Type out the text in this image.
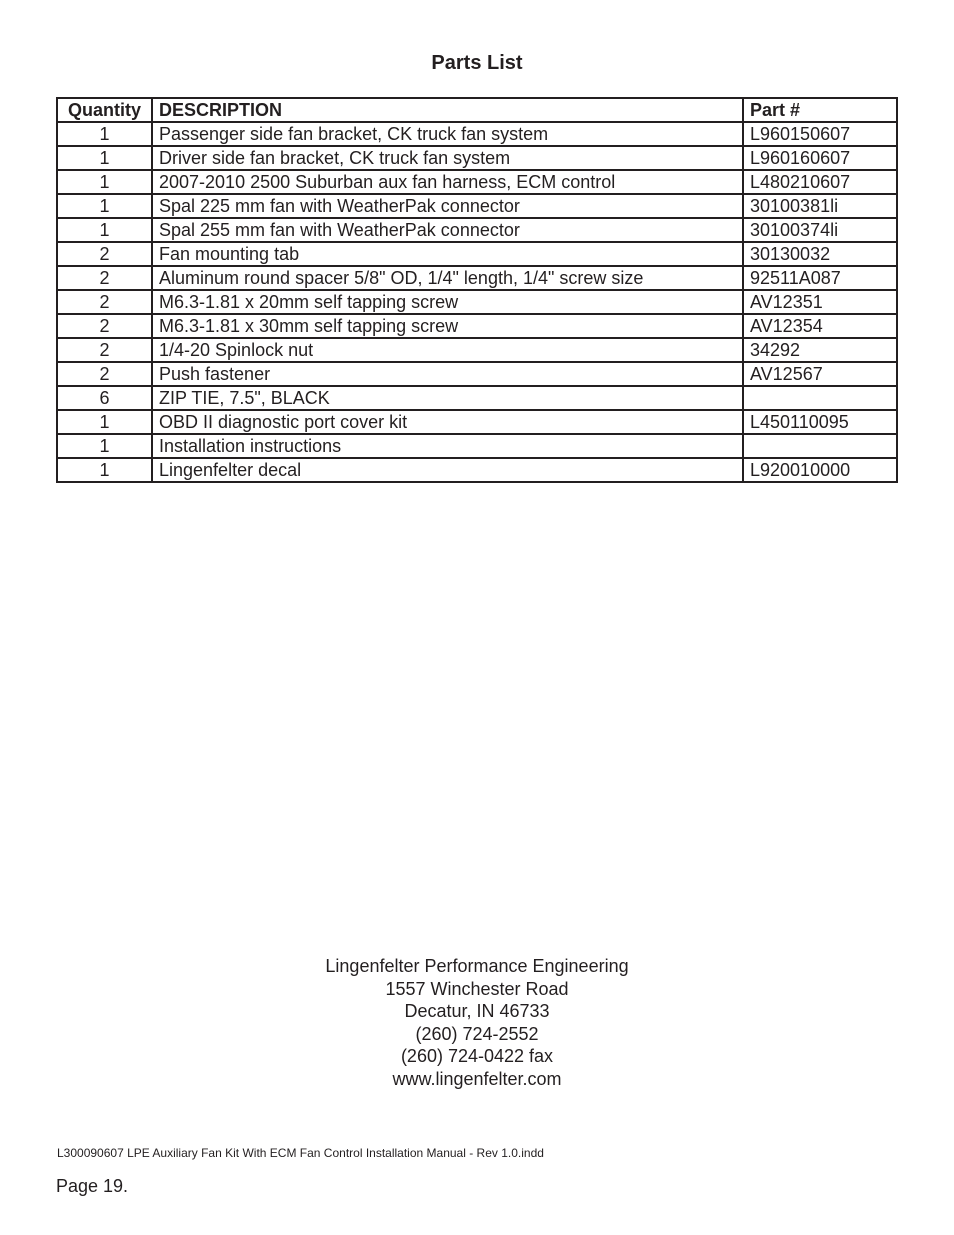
Parts List
Quantity	DESCRIPTION	Part #
1	Passenger side fan bracket, CK truck fan system	L960150607
1	Driver side fan bracket, CK truck fan system	L960160607
1	2007-2010 2500 Suburban aux fan harness, ECM control	L480210607
1	Spal 225 mm fan with WeatherPak connector	30100381li
1	Spal 255 mm fan with WeatherPak connector	30100374li
2	Fan mounting tab	30130032
2	Aluminum round spacer 5/8" OD, 1/4" length, 1/4" screw size	92511A087
2	M6.3-1.81 x 20mm self tapping screw	AV12351
2	M6.3-1.81 x 30mm self tapping screw	AV12354
2	1/4-20 Spinlock nut	34292
2	Push fastener	AV12567
6	ZIP TIE, 7.5", BLACK	
1	OBD II diagnostic port cover kit	L450110095
1	Installation instructions	
1	Lingenfelter decal	L920010000
Lingenfelter Performance Engineering
1557 Winchester Road
Decatur, IN 46733
(260) 724-2552
(260) 724-0422 fax
www.lingenfelter.com
L300090607 LPE Auxiliary Fan Kit With ECM Fan Control Installation Manual - Rev 1.0.indd
Page 19.
